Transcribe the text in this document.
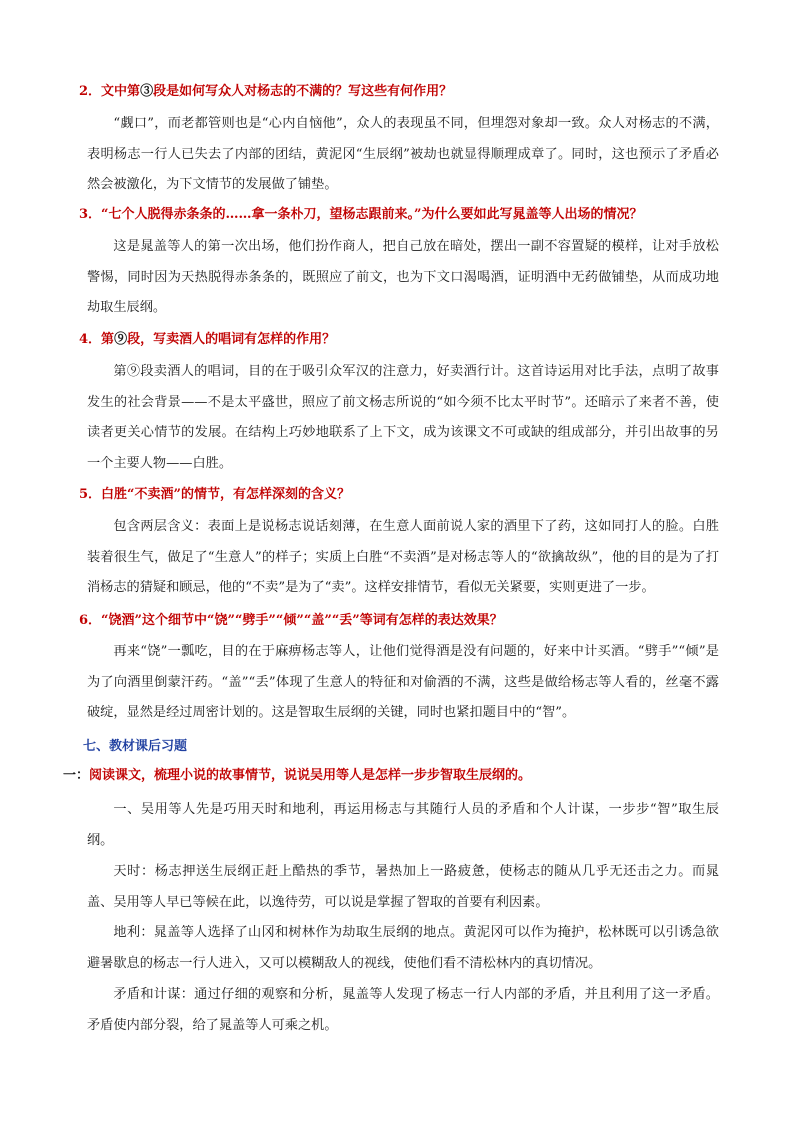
2．文中第③段是如何写众人对杨志的不满的？写这些有何作用？

“觑口”，而老都管则也是“心内自恼他”，众人的表现虽不同，但埋怨对象却一致。众人对杨志的不满，表明杨志一行人已失去了内部的团结，黄泥冈“生辰纲”被劫也就显得顺理成章了。同时，这也预示了矛盾必然会被激化，为下文情节的发展做了铺垫。

3．“七个人脱得赤条条的……拿一条朴刀，望杨志跟前来。”为什么要如此写晁盖等人出场的情况？

这是晁盖等人的第一次出场，他们扮作商人，把自己放在暗处，摆出一副不容置疑的模样，让对手放松警惕，同时因为天热脱得赤条条的，既照应了前文，也为下文口渴喝酒，证明酒中无药做铺垫，从而成功地劫取生辰纲。

4．第⑨段，写卖酒人的唱词有怎样的作用？

第⑨段卖酒人的唱词，目的在于吸引众军汉的注意力，好卖酒行计。这首诗运用对比手法，点明了故事发生的社会背景——不是太平盛世，照应了前文杨志所说的“如今须不比太平时节”。还暗示了来者不善，使读者更关心情节的发展。在结构上巧妙地联系了上下文，成为该课文不可或缺的组成部分，并引出故事的另一个主要人物——白胜。

5．白胜“不卖酒”的情节，有怎样深刻的含义？

包含两层含义：表面上是说杨志说话刻薄，在生意人面前说人家的酒里下了药，这如同打人的脸。白胜装着很生气，做足了“生意人”的样子；实质上白胜“不卖酒”是对杨志等人的“欲擒故纵”，他的目的是为了打消杨志的猜疑和顾忌，他的“不卖”是为了“卖”。这样安排情节，看似无关紧要，实则更进了一步。

6．“饶酒”这个细节中“饶”“劈手”“倾”“盖”“丢”等词有怎样的表达效果？

再来“饶”一瓢吃，目的在于麻痹杨志等人，让他们觉得酒是没有问题的，好来中计买酒。“劈手”“倾”是为了向酒里倒蒙汗药。“盖”“丢”体现了生意人的特征和对偷酒的不满，这些是做给杨志等人看的，丝毫不露破绽，显然是经过周密计划的。这是智取生辰纲的关键，同时也紧扣题目中的“智”。

七、教材课后习题

一：阅读课文，梳理小说的故事情节，说说吴用等人是怎样一步步智取生辰纲的。

一、吴用等人先是巧用天时和地利，再运用杨志与其随行人员的矛盾和个人计谋，一步步“智”取生辰纲。

天时：杨志押送生辰纲正赶上酷热的季节，暑热加上一路疲惫，使杨志的随从几乎无还击之力。而晁盖、吴用等人早已等候在此，以逸待劳，可以说是掌握了智取的首要有利因素。

地利：晁盖等人选择了山冈和树林作为劫取生辰纲的地点。黄泥冈可以作为掩护，松林既可以引诱急欲避暑歇息的杨志一行人进入，又可以模糊敌人的视线，使他们看不清松林内的真切情况。

矛盾和计谋：通过仔细的观察和分析，晁盖等人发现了杨志一行人内部的矛盾，并且利用了这一矛盾。矛盾使内部分裂，给了晁盖等人可乘之机。
